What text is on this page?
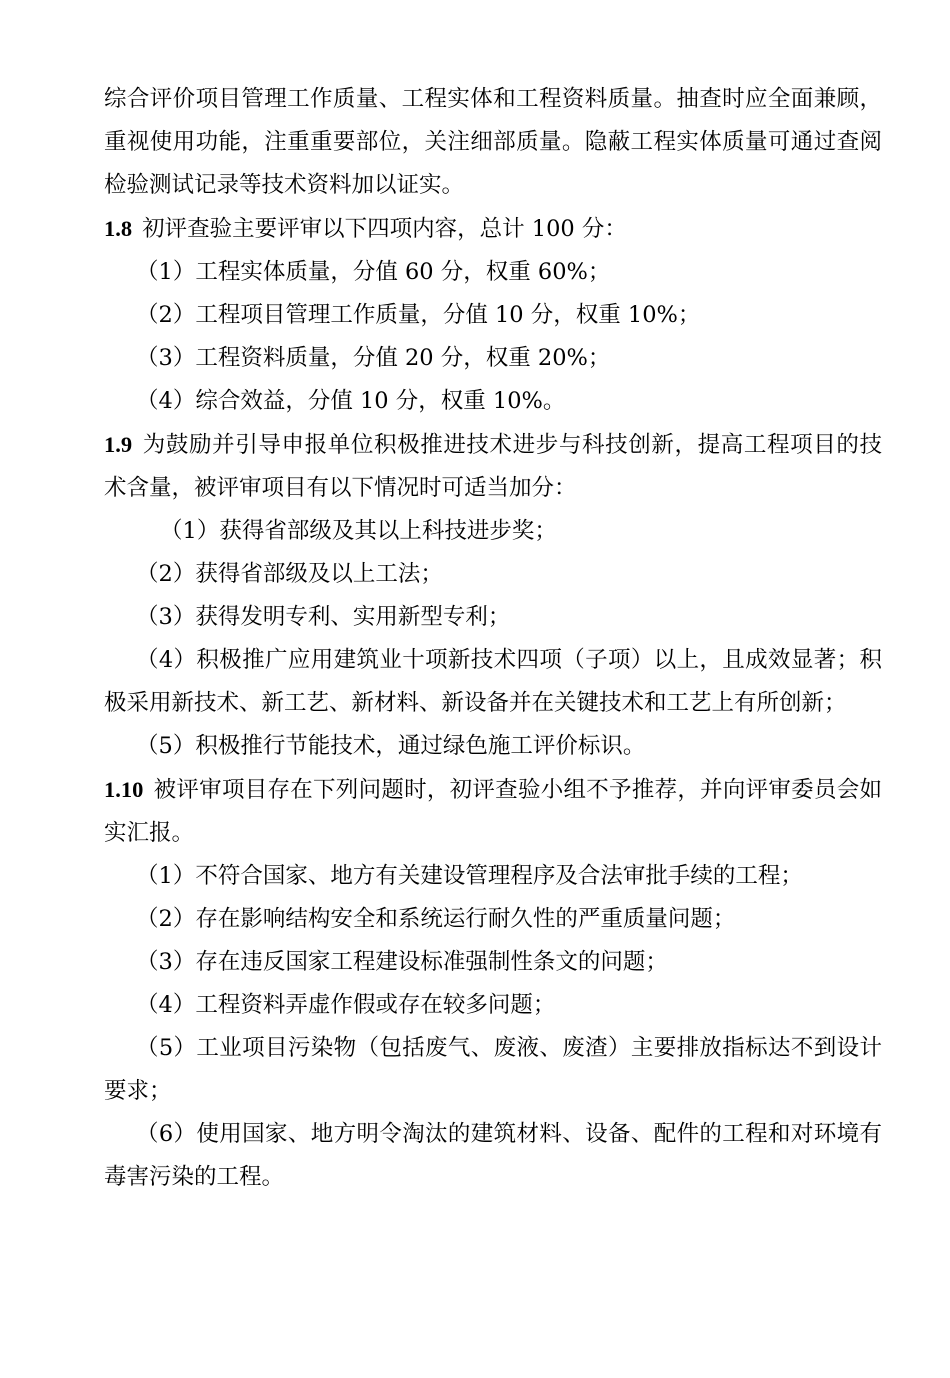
综合评价项目管理工作质量、工程实体和工程资料质量。抽查时应全面兼顾，重视使用功能，注重重要部位，关注细部质量。隐蔽工程实体质量可通过查阅检验测试记录等技术资料加以证实。

1.8 初评查验主要评审以下四项内容，总计 100 分：

（1）工程实体质量，分值 60 分，权重 60%；

（2）工程项目管理工作质量，分值 10 分，权重 10%；

（3）工程资料质量，分值 20 分，权重 20%；

（4）综合效益，分值 10 分，权重 10%。

1.9 为鼓励并引导申报单位积极推进技术进步与科技创新，提高工程项目的技术含量，被评审项目有以下情况时可适当加分：

（1）获得省部级及其以上科技进步奖；

（2）获得省部级及以上工法；

（3）获得发明专利、实用新型专利；

（4）积极推广应用建筑业十项新技术四项（子项）以上，且成效显著；积极采用新技术、新工艺、新材料、新设备并在关键技术和工艺上有所创新；

（5）积极推行节能技术，通过绿色施工评价标识。

1.10 被评审项目存在下列问题时，初评查验小组不予推荐，并向评审委员会如实汇报。

（1）不符合国家、地方有关建设管理程序及合法审批手续的工程；

（2）存在影响结构安全和系统运行耐久性的严重质量问题；

（3）存在违反国家工程建设标准强制性条文的问题；

（4）工程资料弄虚作假或存在较多问题；

（5）工业项目污染物（包括废气、废液、废渣）主要排放指标达不到设计要求；

（6）使用国家、地方明令淘汰的建筑材料、设备、配件的工程和对环境有毒害污染的工程。
